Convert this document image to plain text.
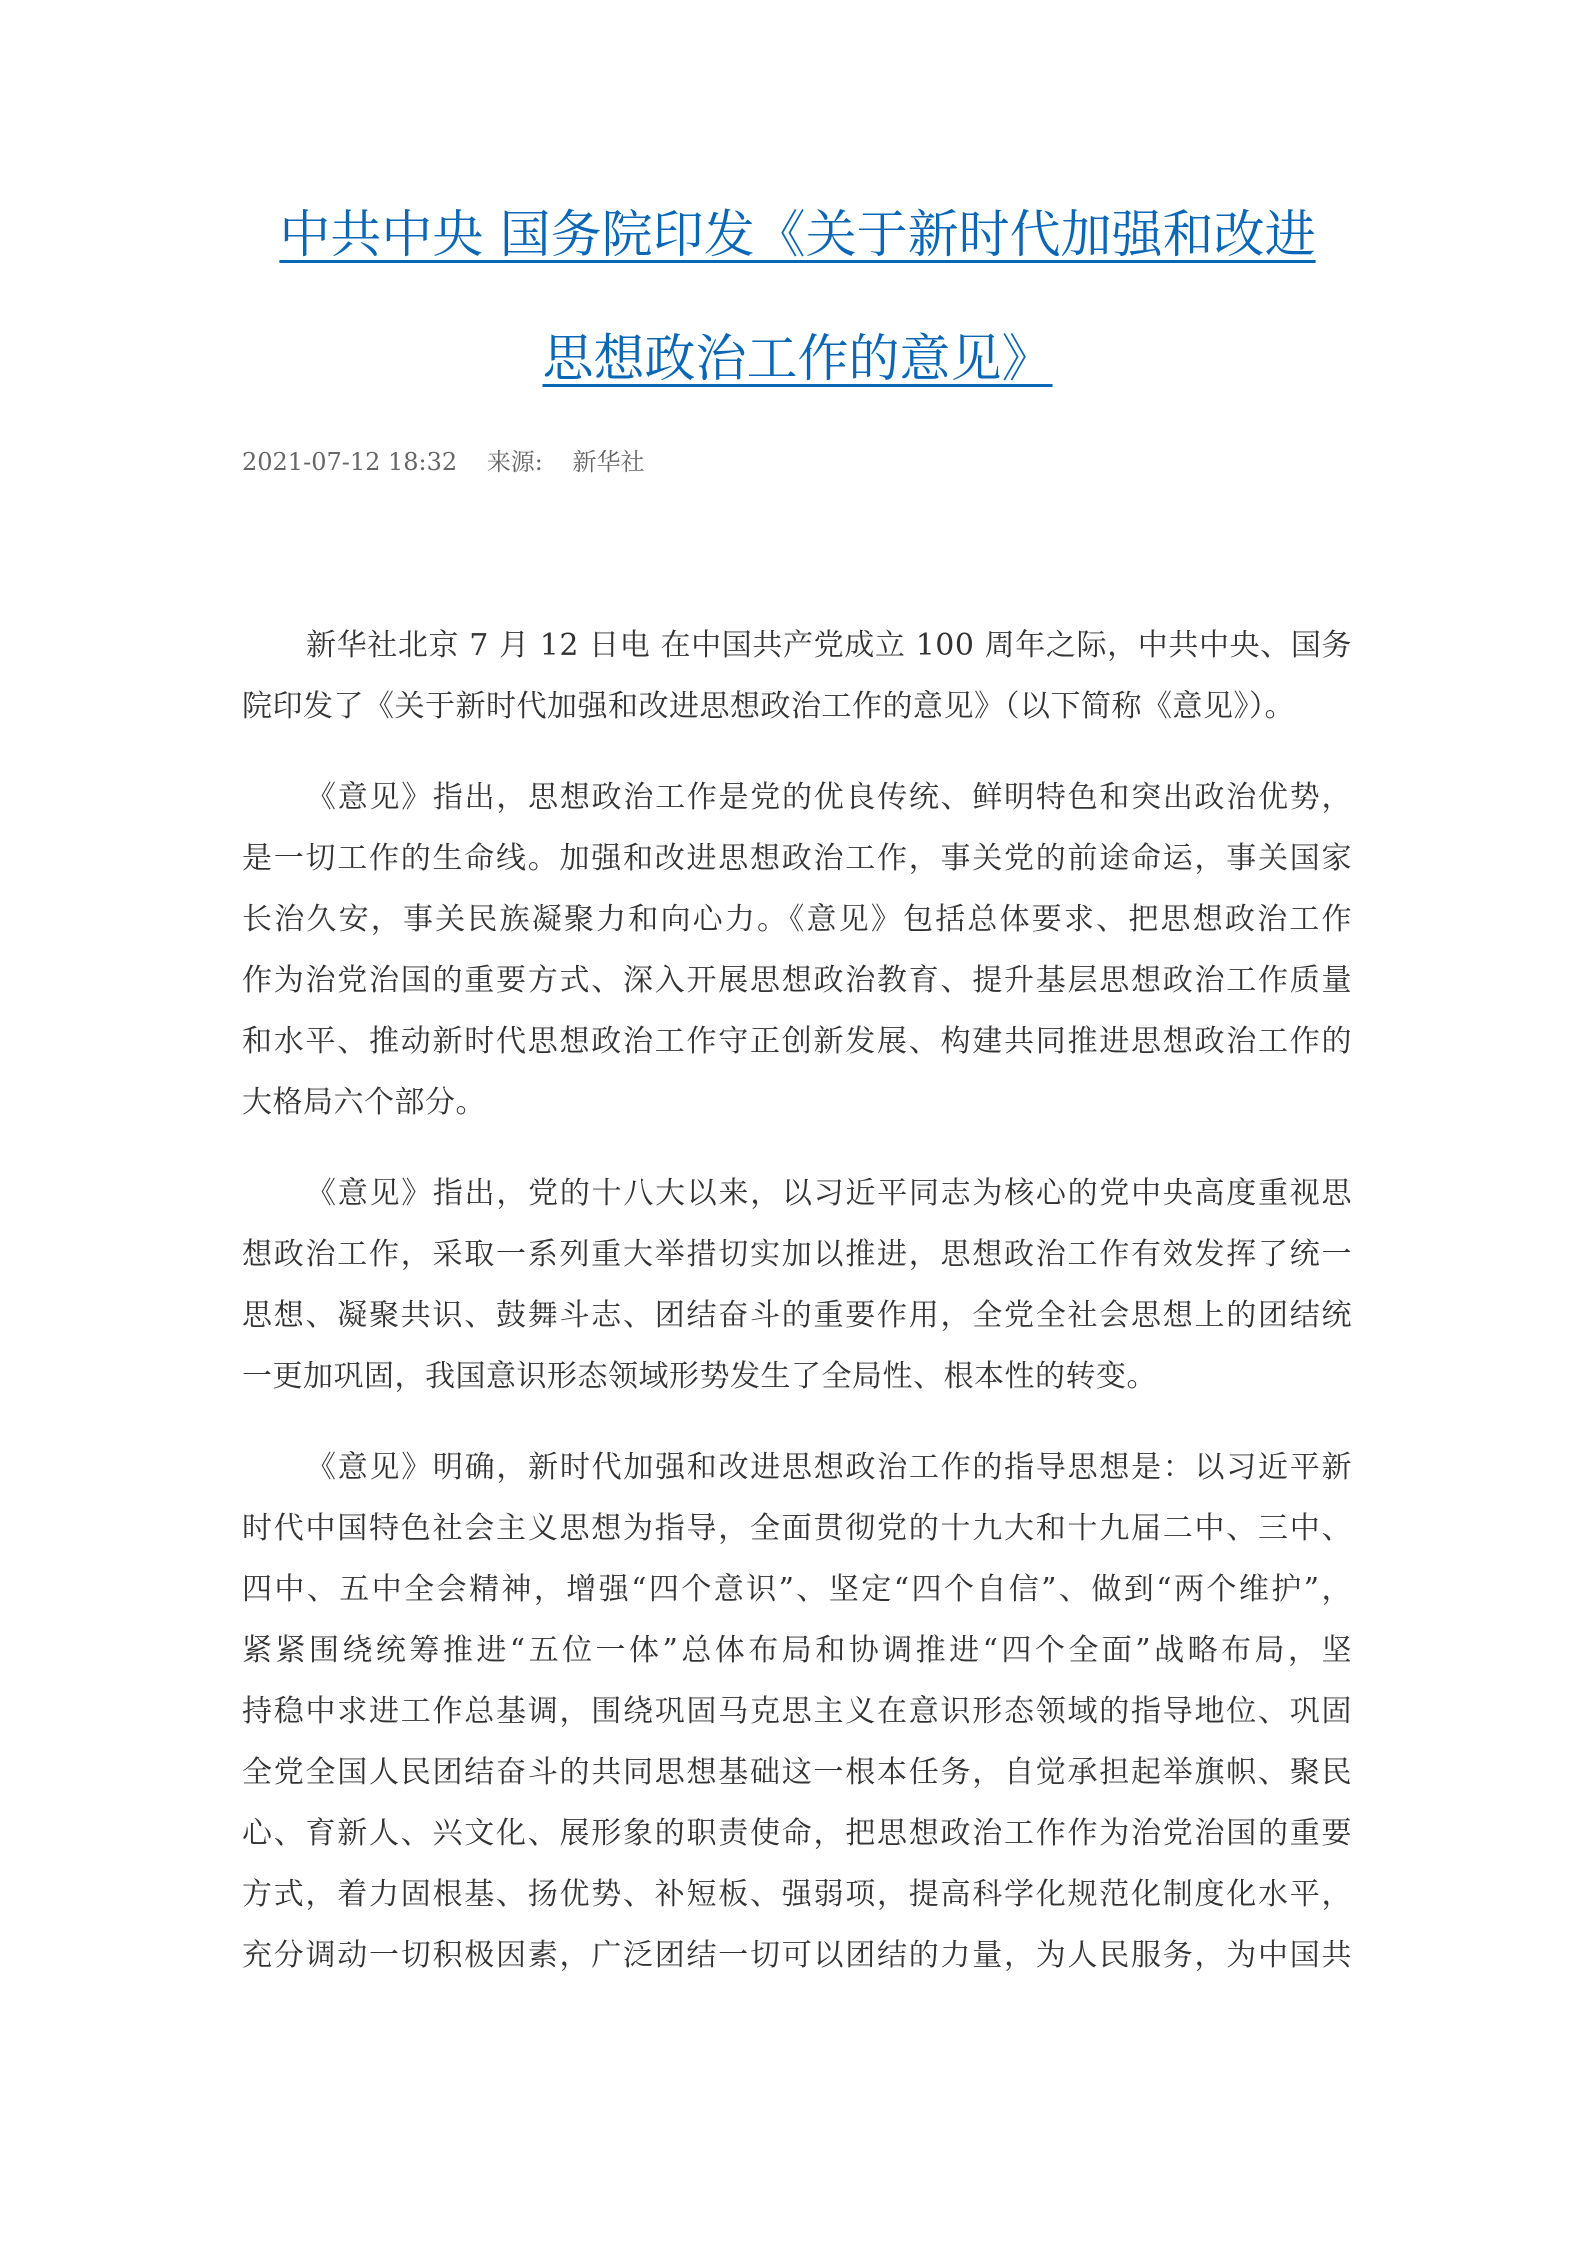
中共中央 国务院印发《关于新时代加强和改进

思想政治工作的意见》

2021-07-12 18:32 来源: 新华社
新华社北京 7 月 12 日电 在中国共产党成立 100 周年之际，中共中央、国务
院印发了《关于新时代加强和改进思想政治工作的意见》（以下简称《意见》）。
《意见》指出，思想政治工作是党的优良传统、鲜明特色和突出政治优势，
是一切工作的生命线。加强和改进思想政治工作，事关党的前途命运，事关国家
长治久安，事关民族凝聚力和向心力。《意见》包括总体要求、把思想政治工作
作为治党治国的重要方式、深入开展思想政治教育、提升基层思想政治工作质量
和水平、推动新时代思想政治工作守正创新发展、构建共同推进思想政治工作的
大格局六个部分。
《意见》指出，党的十八大以来，以习近平同志为核心的党中央高度重视思
想政治工作，采取一系列重大举措切实加以推进，思想政治工作有效发挥了统一
思想、凝聚共识、鼓舞斗志、团结奋斗的重要作用，全党全社会思想上的团结统
一更加巩固，我国意识形态领域形势发生了全局性、根本性的转变。
《意见》明确，新时代加强和改进思想政治工作的指导思想是：以习近平新
时代中国特色社会主义思想为指导，全面贯彻党的十九大和十九届二中、三中、
四中、五中全会精神，增强“四个意识”、坚定“四个自信”、做到“两个维护”，
紧紧围绕统筹推进“五位一体”总体布局和协调推进“四个全面”战略布局，坚
持稳中求进工作总基调，围绕巩固马克思主义在意识形态领域的指导地位、巩固
全党全国人民团结奋斗的共同思想基础这一根本任务，自觉承担起举旗帜、聚民
心、育新人、兴文化、展形象的职责使命，把思想政治工作作为治党治国的重要
方式，着力固根基、扬优势、补短板、强弱项，提高科学化规范化制度化水平，
充分调动一切积极因素，广泛团结一切可以团结的力量，为人民服务，为中国共
